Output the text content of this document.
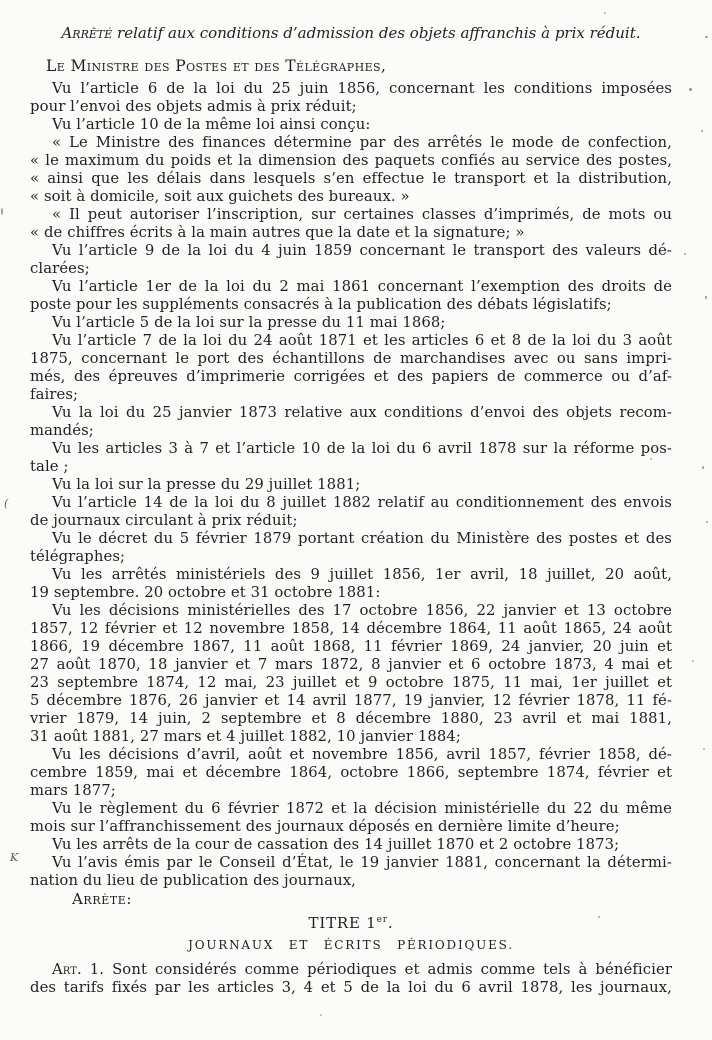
Arrêté relatif aux conditions d’admission des objets affranchis à prix réduit.

Le Ministre des Postes et des Télégraphes,

Vu l’article 6 de la loi du 25 juin 1856, concernant les conditions imposées

pour l’envoi des objets admis à prix réduit;

Vu l’article 10 de la même loi ainsi conçu:

« Le Ministre des finances détermine par des arrêtés le mode de confection,

« le maximum du poids et la dimension des paquets confiés au service des postes,

« ainsi que les délais dans lesquels s’en effectue le transport et la distribution,

« soit à domicile, soit aux guichets des bureaux. »

« Il peut autoriser l’inscription, sur certaines classes d’imprimés, de mots ou

« de chiffres écrits à la main autres que la date et la signature; »

Vu l’article 9 de la loi du 4 juin 1859 concernant le transport des valeurs dé-

clarées;

Vu l’article 1er de la loi du 2 mai 1861 concernant l’exemption des droits de

poste pour les suppléments consacrés à la publication des débats législatifs;

Vu l’article 5 de la loi sur la presse du 11 mai 1868;

Vu l’article 7 de la loi du 24 août 1871 et les articles 6 et 8 de la loi du 3 août

1875, concernant le port des échantillons de marchandises avec ou sans impri-

més, des épreuves d’imprimerie corrigées et des papiers de commerce ou d’af-

faires;

Vu la loi du 25 janvier 1873 relative aux conditions d’envoi des objets recom-

mandés;

Vu les articles 3 à 7 et l’article 10 de la loi du 6 avril 1878 sur la réforme pos-

tale ;

Vu la loi sur la presse du 29 juillet 1881;

Vu l’article 14 de la loi du 8 juillet 1882 relatif au conditionnement des envois

de journaux circulant à prix réduit;

Vu le décret du 5 février 1879 portant création du Ministère des postes et des

télégraphes;

Vu les arrêtés ministériels des 9 juillet 1856, 1er avril, 18 juillet, 20 août,

19 septembre. 20 octobre et 31 octobre 1881:

Vu les décisions ministérielles des 17 octobre 1856, 22 janvier et 13 octobre

1857, 12 février et 12 novembre 1858, 14 décembre 1864, 11 août 1865, 24 août

1866, 19 décembre 1867, 11 août 1868, 11 février 1869, 24 janvier, 20 juin et

27 août 1870, 18 janvier et 7 mars 1872, 8 janvier et 6 octobre 1873, 4 mai et

23 septembre 1874, 12 mai, 23 juillet et 9 octobre 1875, 11 mai, 1er juillet et

5 décembre 1876, 26 janvier et 14 avril 1877, 19 janvier, 12 février 1878, 11 fé-

vrier 1879, 14 juin, 2 septembre et 8 décembre 1880, 23 avril et mai 1881,

31 août 1881, 27 mars et 4 juillet 1882, 10 janvier 1884;

Vu les décisions d’avril, août et novembre 1856, avril 1857, février 1858, dé-

cembre 1859, mai et décembre 1864, octobre 1866, septembre 1874, février et

mars 1877;

Vu le règlement du 6 février 1872 et la décision ministérielle du 22 du même

mois sur l’affranchissement des journaux déposés en dernière limite d’heure;

Vu les arrêts de la cour de cassation des 14 juillet 1870 et 2 octobre 1873;

Vu l’avis émis par le Conseil d’État, le 19 janvier 1881, concernant la détermi-

nation du lieu de publication des journaux,

Arrète:

TITRE 1er.

JOURNAUX ET ÉCRITS PÉRIODIQUES.

Art. 1. Sont considérés comme périodiques et admis comme tels à bénéficier

des tarifs fixés par les articles 3, 4 et 5 de la loi du 6 avril 1878, les journaux,

(
K
